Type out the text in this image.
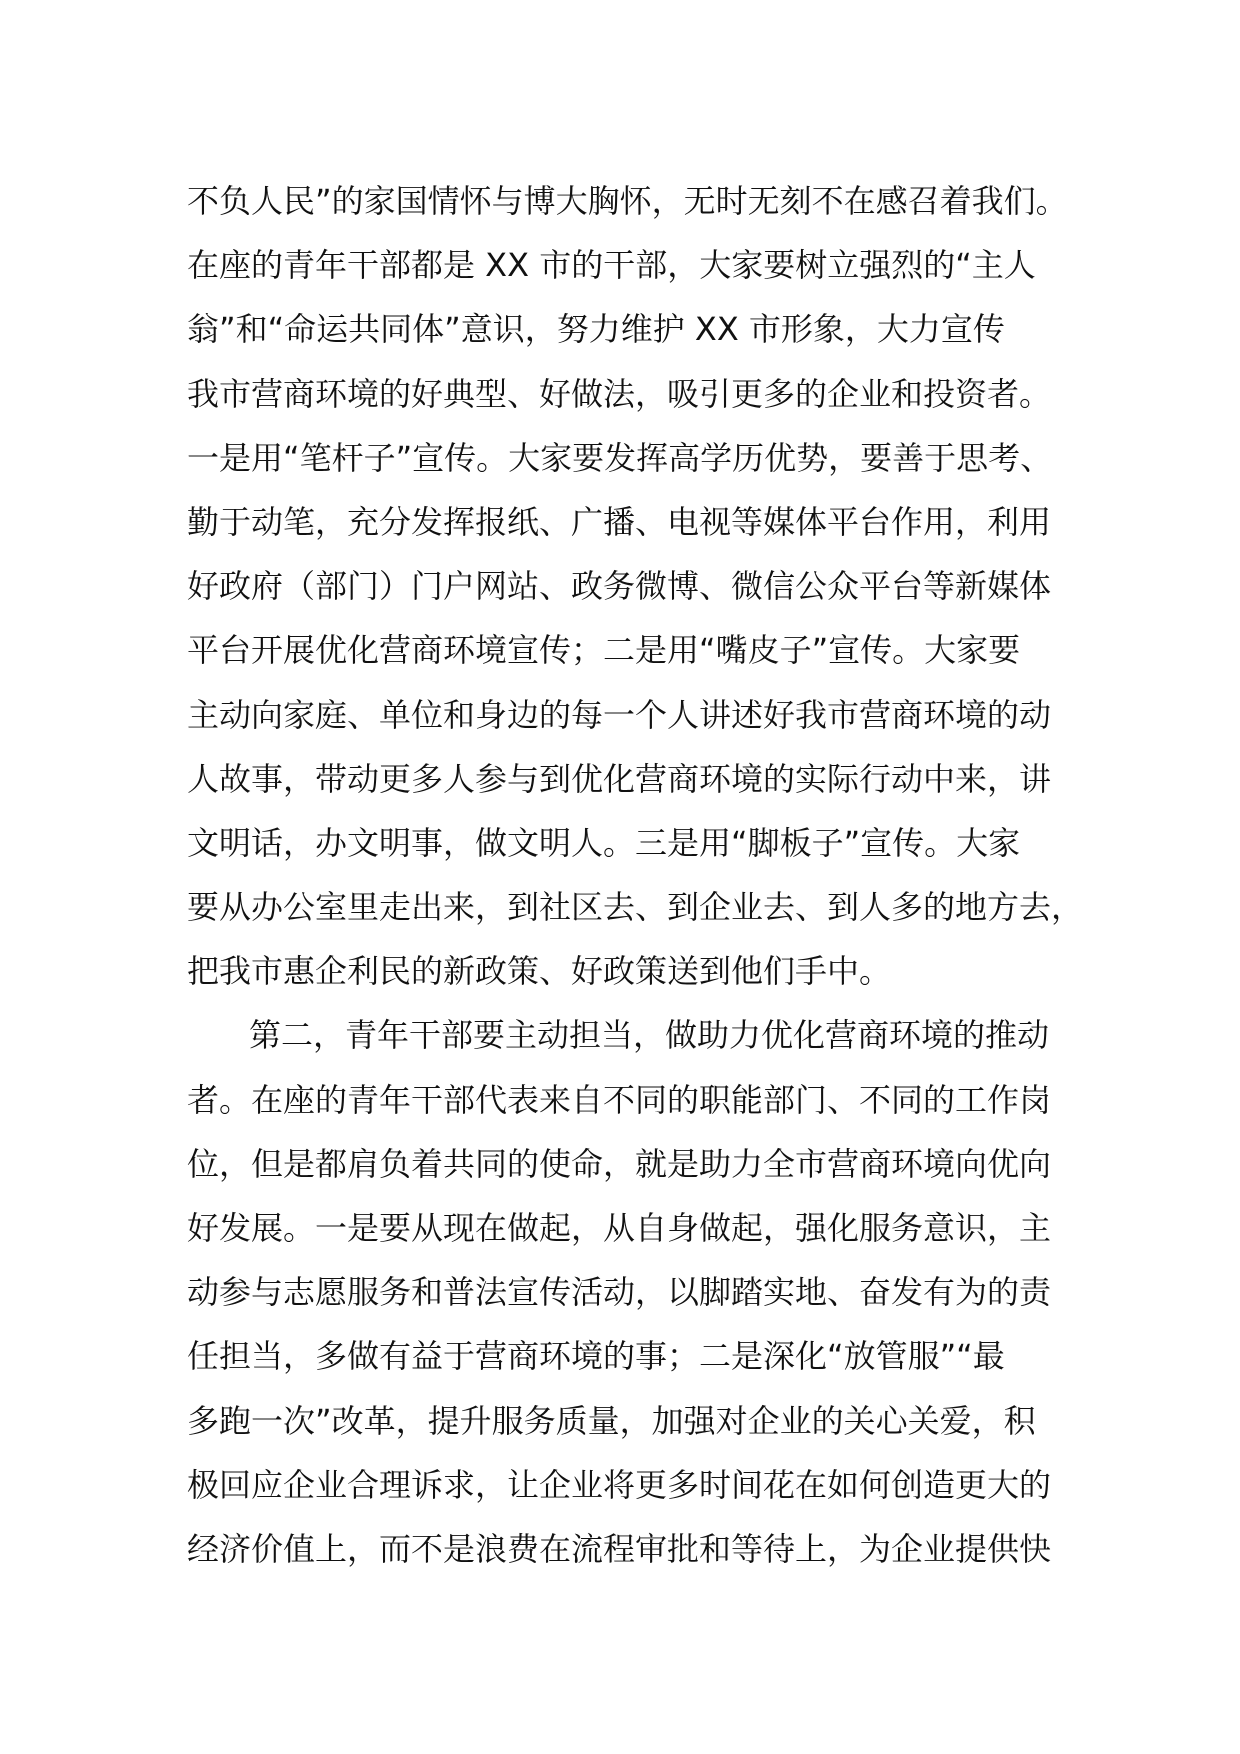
不负人民”的家国情怀与博大胸怀，无时无刻不在感召着我们。
在座的青年干部都是 XX 市的干部，大家要树立强烈的“主人
翁”和“命运共同体”意识，努力维护 XX 市形象，大力宣传
我市营商环境的好典型、好做法，吸引更多的企业和投资者。
一是用“笔杆子”宣传。大家要发挥高学历优势，要善于思考、
勤于动笔，充分发挥报纸、广播、电视等媒体平台作用，利用
好政府（部门）门户网站、政务微博、微信公众平台等新媒体
平台开展优化营商环境宣传；二是用“嘴皮子”宣传。大家要
主动向家庭、单位和身边的每一个人讲述好我市营商环境的动
人故事，带动更多人参与到优化营商环境的实际行动中来，讲
文明话，办文明事，做文明人。三是用“脚板子”宣传。大家
要从办公室里走出来，到社区去、到企业去、到人多的地方去，
把我市惠企利民的新政策、好政策送到他们手中。
第二，青年干部要主动担当，做助力优化营商环境的推动
者。在座的青年干部代表来自不同的职能部门、不同的工作岗
位，但是都肩负着共同的使命，就是助力全市营商环境向优向
好发展。一是要从现在做起，从自身做起，强化服务意识，主
动参与志愿服务和普法宣传活动，以脚踏实地、奋发有为的责
任担当，多做有益于营商环境的事；二是深化“放管服”“最
多跑一次”改革，提升服务质量，加强对企业的关心关爱，积
极回应企业合理诉求，让企业将更多时间花在如何创造更大的
经济价值上，而不是浪费在流程审批和等待上，为企业提供快
